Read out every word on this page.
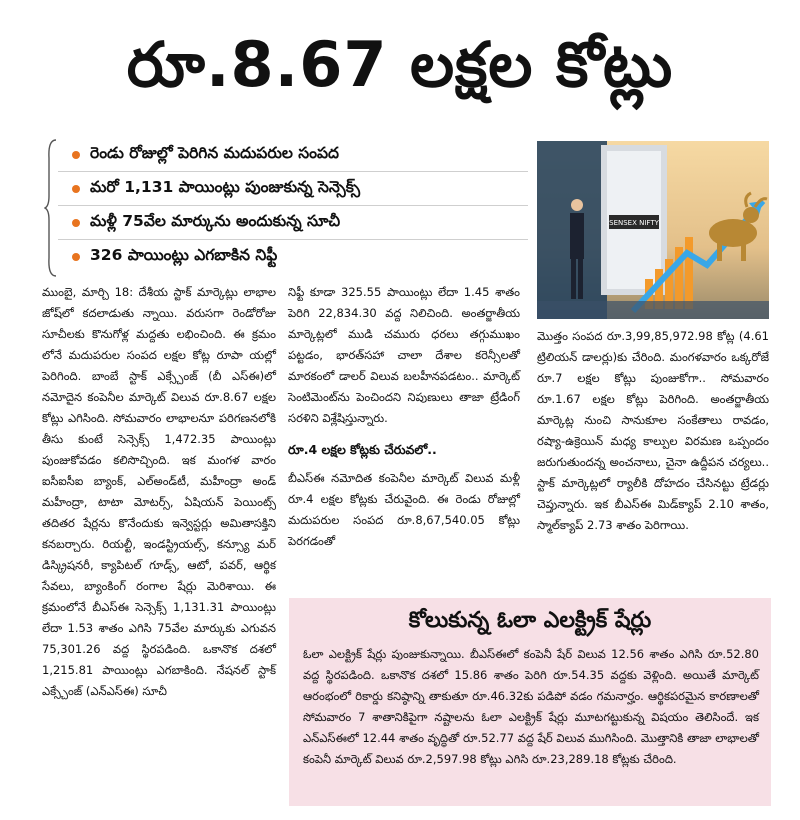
రూ.8.67 లక్షల కోట్లు
రెండు రోజుల్లో పెరిగిన మదుపరుల సంపద
మరో 1,131 పాయింట్లు పుంజుకున్న సెన్సెక్స్‌
మళ్లీ 75వేల మార్కును అందుకున్న సూచీ
326 పాయింట్లు ఎగబాకిన నిఫ్టీ
SENSEX NIFTY

ముంబై, మార్చి 18: దేశీయ స్టాక్‌ మార్కెట్లు లాభాల జోష్‌లో కదలాడుతు న్నాయి. వరుసగా రెండోరోజు సూచీలకు కొనుగోళ్ల మద్దతు లభించింది. ఈ క్రమం లోనే మదుపరుల సంపద లక్షల కోట్ల రూపా యల్లో పెరిగింది. బాంబే స్టాక్‌ ఎక్స్చేంజ్‌ (బీ ఎస్‌ఈ)లో నమోదైన కంపెనీల మార్కెట్‌ విలువ రూ.8.67 లక్షల కోట్లు ఎగిసింది. సోమవారం లాభాలనూ పరిగణనలోకి తీసు కుంటే సెన్సెక్స్‌ 1,472.35 పాయింట్లు పుంజుకోవడం కలిసొచ్చింది. ఇక మంగళ వారం ఐసీఐసీఐ బ్యాంక్‌, ఎల్‌అండ్‌టీ, మహీంద్రా అండ్‌ మహీంద్రా, టాటా మోటర్స్‌, ఏషియన్‌ పెయింట్స్‌ తదితర షేర్లను కొనేందుకు ఇన్వెస్టర్లు అమితాసక్తిని కనబర్చారు. రియల్టీ, ఇండస్ట్రియల్స్‌, కన్స్యూ మర్‌ డిస్క్రిషనరీ, క్యాపిటల్‌ గూడ్స్‌, ఆటో, పవర్‌, ఆర్థిక సేవలు, బ్యాంకింగ్‌ రంగాల షేర్లు మెరిశాయి. ఈ క్రమంలోనే బీఎస్‌ఈ సెన్సెక్స్‌ 1,131.31 పాయింట్లు లేదా 1.53 శాతం ఎగిసి 75వేల మార్కుకు ఎగువన 75,301.26 వద్ద స్థిరపడింది. ఒకానొక దశలో 1,215.81 పాయింట్లు ఎగబాకింది. నేషనల్‌ స్టాక్‌ ఎక్స్చేంజ్‌ (ఎన్‌ఎస్‌ఈ) సూచీ

నిఫ్టీ కూడా 325.55 పాయింట్లు లేదా 1.45 శాతం పెరిగి 22,834.30 వద్ద నిలిచింది. అంతర్జాతీయ మార్కెట్లలో ముడి చమురు ధరలు తగ్గుముఖం పట్టడం, భారత్‌సహా చాలా దేశాల కరెన్సీలతో మారకంలో డాలర్‌ విలువ బలహీనపడటం.. మార్కెట్‌ సెంటిమెంట్‌ను పెంచిందని నిపుణులు తాజా ట్రేడింగ్‌ సరళిని విశ్లేషిస్తున్నారు.

రూ.4 లక్షల కోట్లకు చేరువలో..

బీఎస్‌ఈ నమోదిత కంపెనీల మార్కెట్‌ విలువ మళ్లీ రూ.4 లక్షల కోట్లకు చేరువైంది. ఈ రెండు రోజుల్లో మదుపరుల సంపద రూ.8,67,540.05 కోట్లు పెరగడంతో

మొత్తం సంపద రూ.3,99,85,972.98 కోట్ల (4.61 ట్రిలియన్‌ డాలర్లు)కు చేరింది. మంగళవారం ఒక్కరోజే రూ.7 లక్షల కోట్లు పుంజుకోగా.. సోమవారం రూ.1.67 లక్షల కోట్లు పెరిగింది. అంతర్జాతీయ మార్కెట్ల నుంచి సానుకూల సంకేతాలు రావడం, రష్యా-ఉక్రెయిన్‌ మధ్య కాల్పుల విరమణ ఒప్పందం జరుగుతుందన్న అంచనాలు, చైనా ఉద్దీపన చర్యలు.. స్టాక్‌ మార్కెట్లలో ర్యాలీకి దోహదం చేసినట్టు ట్రేడర్లు చెప్తున్నారు. ఇక బీఎస్‌ఈ మిడ్‌క్యాప్‌ 2.10 శాతం, స్మాల్‌క్యాప్‌ 2.73 శాతం పెరిగాయి.

కోలుకున్న ఓలా ఎలక్ట్రిక్‌ షేర్లు
ఓలా ఎలక్ట్రిక్‌ షేర్లు పుంజుకున్నాయి. బీఎస్‌ఈలో కంపెనీ షేర్‌ విలువ 12.56 శాతం ఎగిసి రూ.52.80 వద్ద స్థిరపడింది. ఒకానొక దశలో 15.86 శాతం పెరిగి రూ.54.35 వద్దకు వెళ్లింది. అయితే మార్కెట్‌ ఆరంభంలో రికార్డు కనిష్ఠాన్ని తాకుతూ రూ.46.32కు పడిపో వడం గమనార్హం. ఆర్థికపరమైన కారణాలతో సోమవారం 7 శాతానికిపైగా నష్టాలను ఓలా ఎలక్ట్రిక్‌ షేర్లు మూటగట్టుకున్న విషయం తెలిసిందే. ఇక ఎన్‌ఎస్‌ఈలో 12.44 శాతం వృద్ధితో రూ.52.77 వద్ద షేర్‌ విలువ ముగిసింది. మొత్తానికి తాజా లాభాలతో కంపెనీ మార్కెట్‌ విలువ రూ.2,597.98 కోట్లు ఎగిసి రూ.23,289.18 కోట్లకు చేరింది.
